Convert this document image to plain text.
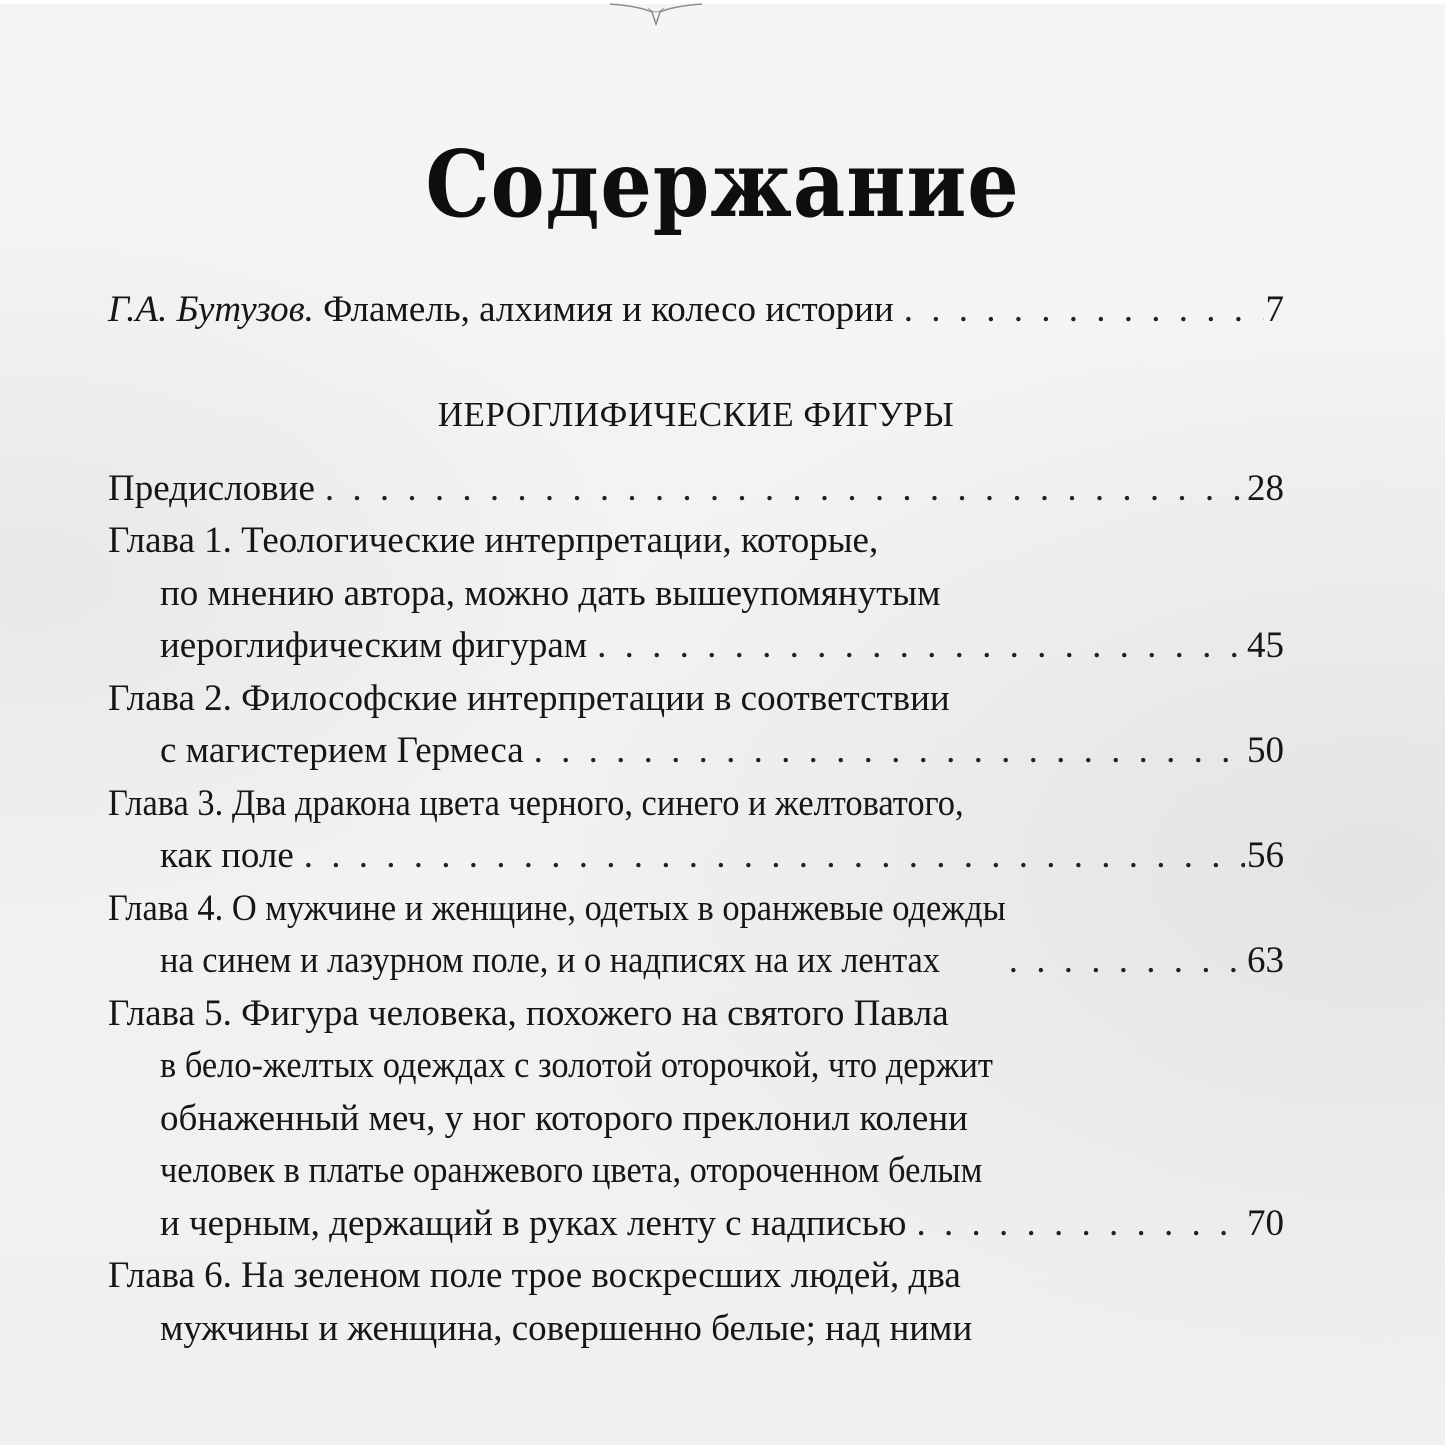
Содержание
Г.А. Бутузов. Фламель, алхимия и колесо истории . . .	7
ИЕРОГЛИФИЧЕСКИЕ ФИГУРЫ
Предисловие . . .	28
Глава 1. Теологические интерпретации, которые,
по мнению автора, можно дать вышеупомянутым
иероглифическим фигурам . . .	45
Глава 2. Философские интерпретации в соответствии
с магистерием Гермеса . . .	50
Глава 3. Два дракона цвета черного, синего и желтоватого,
как поле . . .	56
Глава 4. О мужчине и женщине, одетых в оранжевые одежды
на синем и лазурном поле, и о надписях на их лентах . . .	63
Глава 5. Фигура человека, похожего на святого Павла
в бело-желтых одеждах с золотой оторочкой, что держит
обнаженный меч, у ног которого преклонил колени
человек в платье оранжевого цвета, отороченном белым
и черным, держащий в руках ленту с надписью . . .	70
Глава 6. На зеленом поле трое воскресших людей, два
мужчины и женщина, совершенно белые; над ними
